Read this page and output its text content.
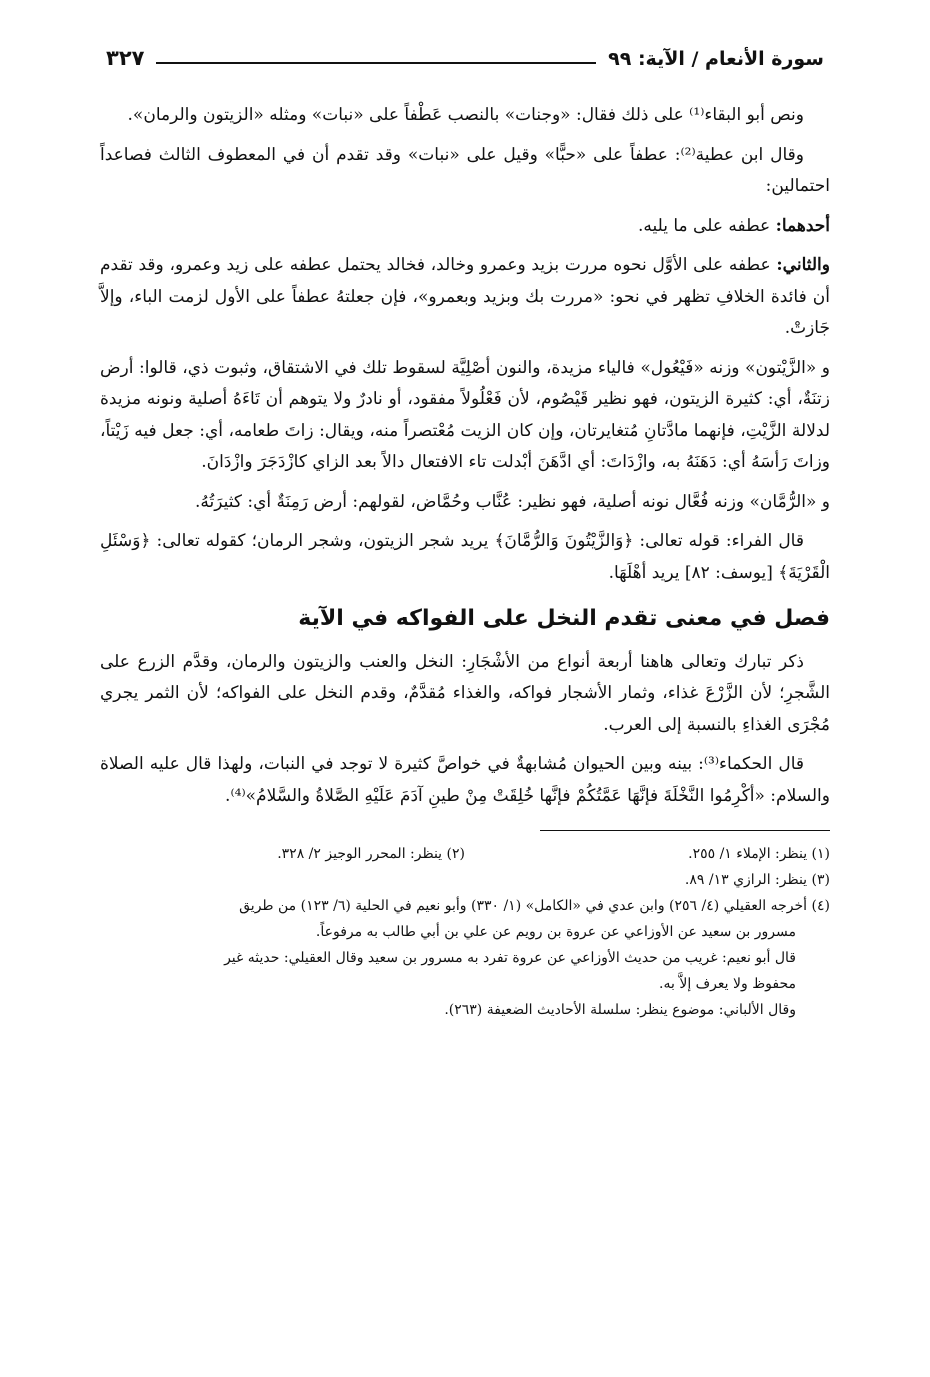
سورة الأنعام / الآية: ٩٩
٣٢٧

ونص أبو البقاء⁽¹⁾ على ذلك فقال: «وجنات» بالنصب عَطْفاً على «نبات» ومثله «الزيتون والرمان».

وقال ابن عطية⁽²⁾: عطفاً على «حبًّا» وقيل على «نبات» وقد تقدم أن في المعطوف الثالث فصاعداً احتمالين:

أحدهما: عطفه على ما يليه.

والثاني: عطفه على الأوَّل نحوه مررت بزيد وعمرو وخالد، فخالد يحتمل عطفه على زيد وعمرو، وقد تقدم أن فائدة الخلافِ تظهر في نحو: «مررت بك وبزيد وبعمرو»، فإن جعلتهُ عطفاً على الأول لزمت الباء، وإلاَّ جَازتْ.

و «الزَّيْتون» وزنه «فَيْعُول» فالياء مزيدة، والنون أصْلِيَّة لسقوط تلك في الاشتقاق، وثبوت ذي، قالوا: أرض زتنَةٌ، أي: كثيرة الزيتون، فهو نظير قَيْصُوم، لأن فَعْلُولاً مفقود، أو نادرٌ ولا يتوهم أن تَاءَهُ أصلية ونونه مزيدة لدلالة الزَّيْتِ، فإنهما مادَّتانِ مُتغايرتان، وإن كان الزيت مُعْتصراً منه، ويقال: زاتَ طعامه، أي: جعل فيه زَيْتاً، وزاتَ رَأسَهُ أي: دَهَنَهُ به، وازْدَاتَ: أي ادَّهَنَ أبْدلت تاء الافتعال دالاً بعد الزاي كازْدَجَرَ وازْدَانَ.

و «الرُّمَّان» وزنه فُعَّال نونه أصلية، فهو نظير: عُنَّاب وحُمَّاض، لقولهم: أرض رَمِنَةٌ أي: كثيرَتُهُ.

قال الفراء: قوله تعالى: ﴿وَالزَّيْتُونَ وَالرُّمَّانَ﴾ يريد شجر الزيتون، وشجر الرمان؛ كقوله تعالى: ﴿وَسْئَلِ الْقَرْيَةَ﴾ [يوسف: ٨٢] يريد أهْلَهَا.

فصل في معنى تقدم النخل على الفواكه في الآية

ذكر تبارك وتعالى هاهنا أربعة أنواع من الأشْجَارِ: النخل والعنب والزيتون والرمان، وقدَّم الزرع على الشَّجرِ؛ لأن الزَّرْعَ غذاء، وثمار الأشجار فواكه، والغذاء مُقدَّمٌ، وقدم النخل على الفواكه؛ لأن الثمر يجري مُجْرَى الغذاءِ بالنسبة إلى العرب.

قال الحكماء⁽³⁾: بينه وبين الحيوان مُشابهةٌ في خواصَّ كثيرة لا توجد في النبات، ولهذا قال عليه الصلاة والسلام: «أكْرِمُوا النَّخْلَةَ فإنَّهَا عَمَّتُكُمْ فإنَّها خُلِقَتْ مِنْ طينِ آدَمَ عَلَيْهِ الصَّلاةُ والسَّلامُ»⁽⁴⁾.

(١) ينظر: الإملاء ١/ ٢٥٥.
(٢) ينظر: المحرر الوجيز ٢/ ٣٢٨.
(٣) ينظر: الرازي ١٣/ ٨٩.
(٤) أخرجه العقيلي (٤/ ٢٥٦) وابن عدي في «الكامل» (١/ ٣٣٠) وأبو نعيم في الحلية (٦/ ١٢٣) من طريق
مسرور بن سعيد عن الأوزاعي عن عروة بن رويم عن علي بن أبي طالب به مرفوعاً.
قال أبو نعيم: غريب من حديث الأوزاعي عن عروة تفرد به مسرور بن سعيد وقال العقيلي: حديثه غير
محفوظ ولا يعرف إلاَّ به.
وقال الألباني: موضوع ينظر: سلسلة الأحاديث الضعيفة (٢٦٣).
